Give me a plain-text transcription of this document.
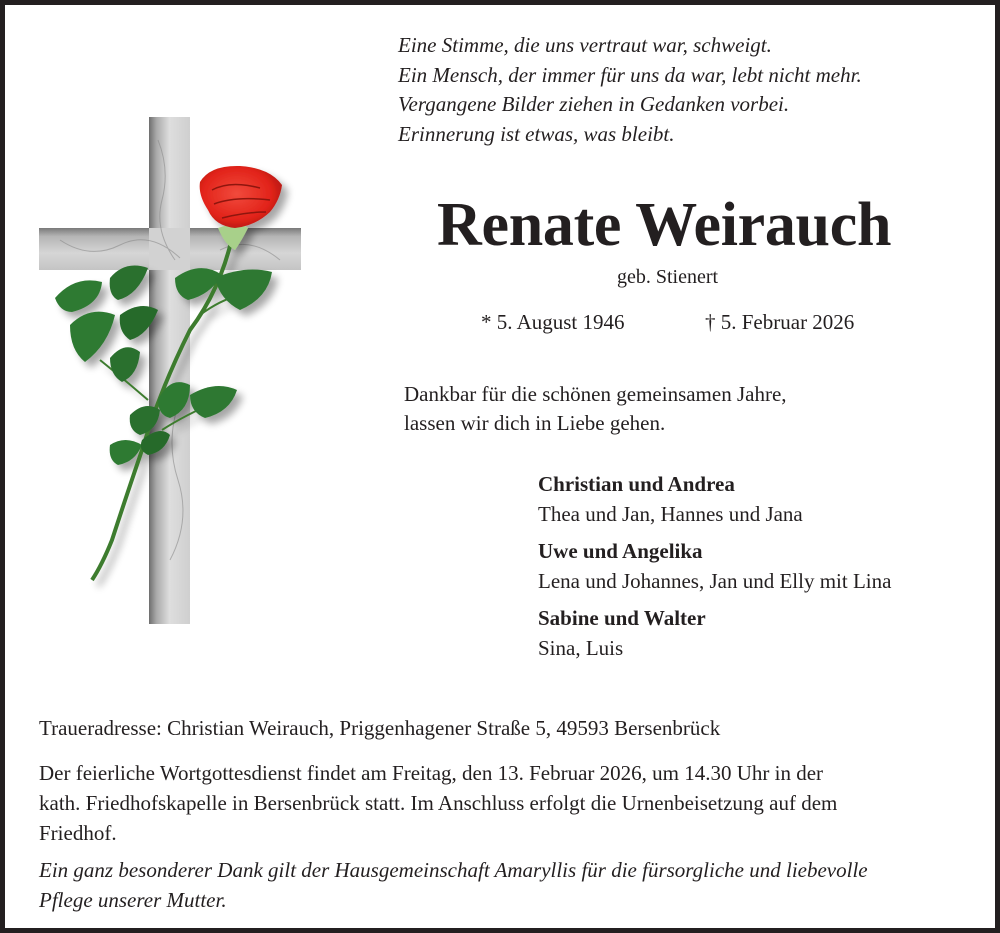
Eine Stimme, die uns vertraut war, schweigt.
Ein Mensch, der immer für uns da war, lebt nicht mehr.
Vergangene Bilder ziehen in Gedanken vorbei.
Erinnerung ist etwas, was bleibt.
Renate Weirauch
geb. Stienert
* 5. August 1946	† 5. Februar 2026
Dankbar für die schönen gemeinsamen Jahre,
lassen wir dich in Liebe gehen.
Christian und Andrea
Thea und Jan, Hannes und Jana
Uwe und Angelika
Lena und Johannes, Jan und Elly mit Lina
Sabine und Walter
Sina, Luis
Traueradresse: Christian Weirauch, Priggenhagener Straße 5, 49593 Bersenbrück
Der feierliche Wortgottesdienst findet am Freitag, den 13. Februar 2026, um 14.30 Uhr in der
kath. Friedhofskapelle in Bersenbrück statt. Im Anschluss erfolgt die Urnenbeisetzung auf dem
Friedhof.
Ein ganz besonderer Dank gilt der Hausgemeinschaft Amaryllis für die fürsorgliche und liebevolle
Pflege unserer Mutter.
